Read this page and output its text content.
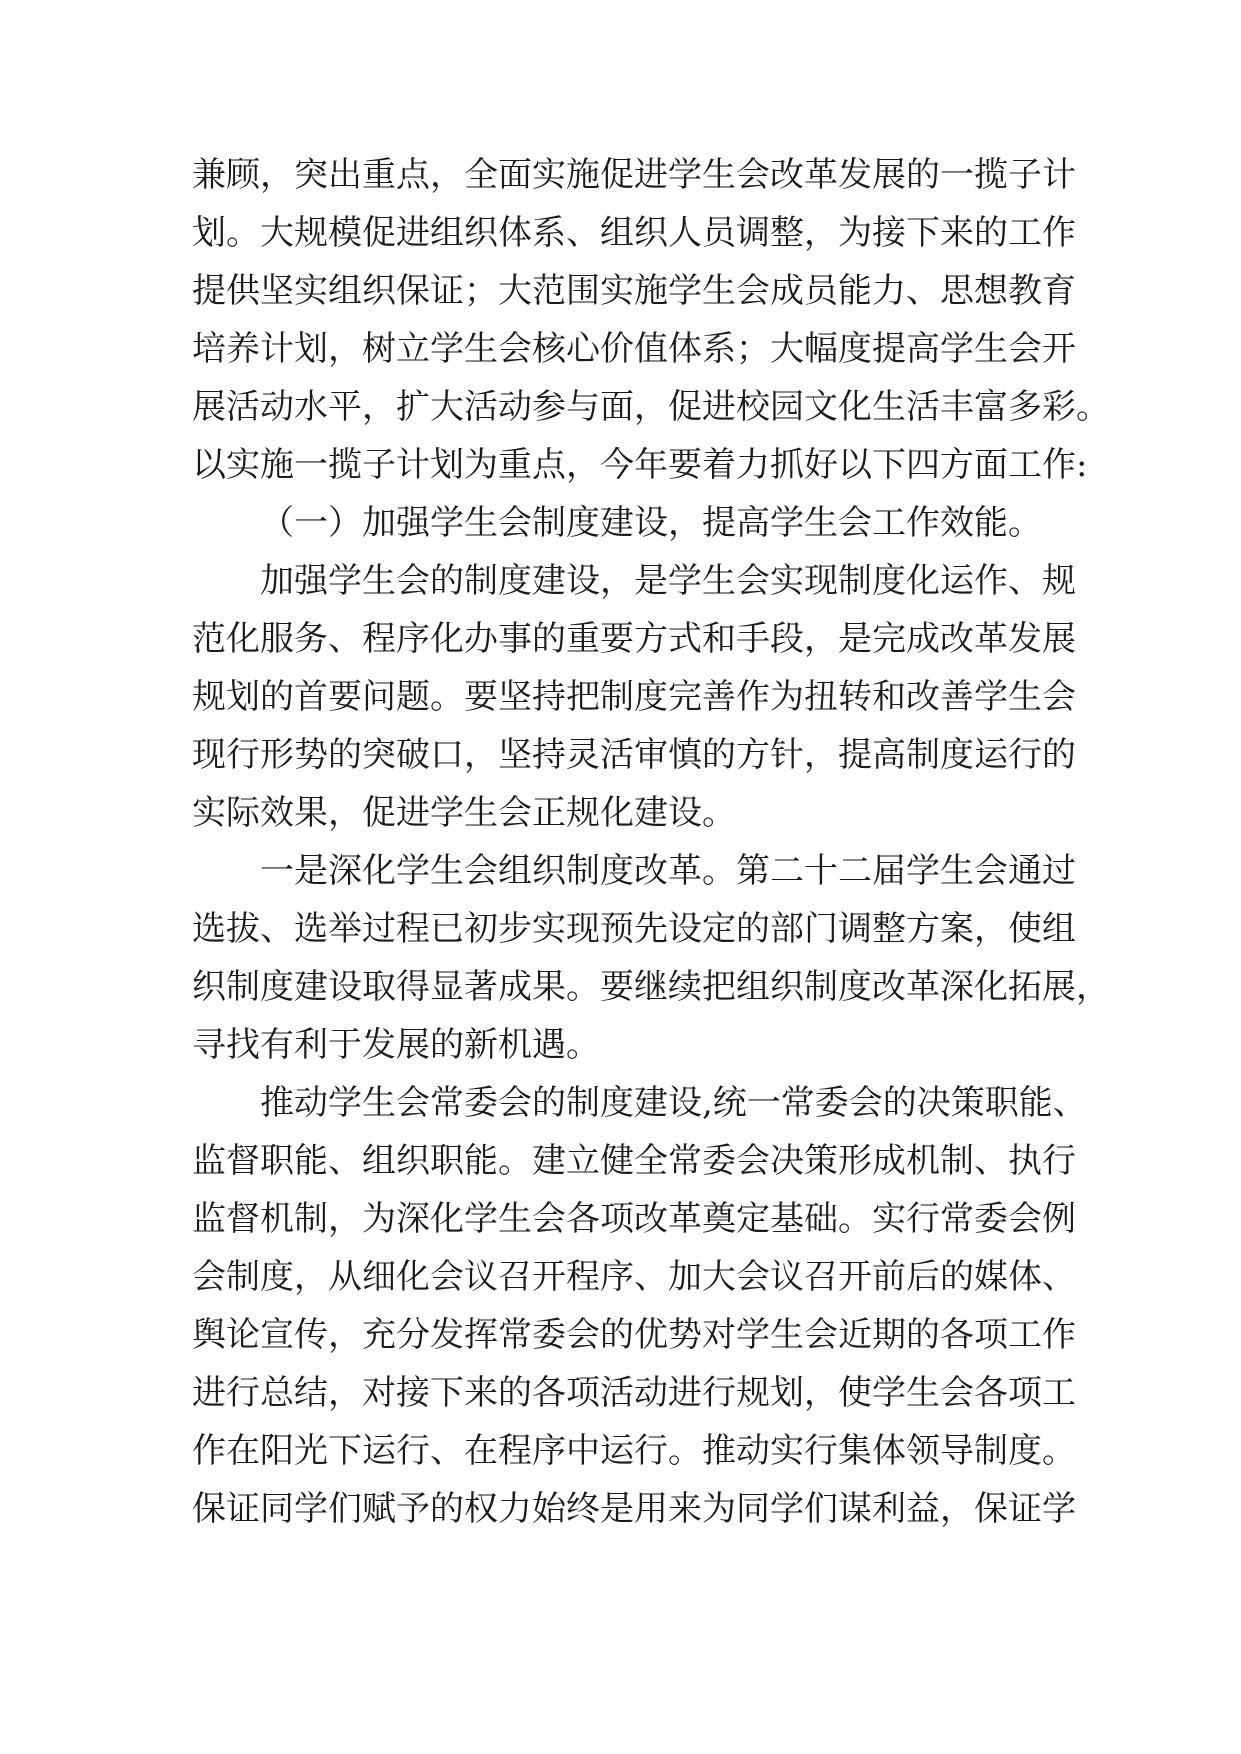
兼顾，突出重点，全面实施促进学生会改革发展的一揽子计
划。大规模促进组织体系、组织人员调整，为接下来的工作
提供坚实组织保证；大范围实施学生会成员能力、思想教育
培养计划，树立学生会核心价值体系；大幅度提高学生会开
展活动水平，扩大活动参与面，促进校园文化生活丰富多彩。
以实施一揽子计划为重点，今年要着力抓好以下四方面工作:
（一）加强学生会制度建设，提高学生会工作效能。
加强学生会的制度建设，是学生会实现制度化运作、规
范化服务、程序化办事的重要方式和手段，是完成改革发展
规划的首要问题。要坚持把制度完善作为扭转和改善学生会
现行形势的突破口，坚持灵活审慎的方针，提高制度运行的
实际效果，促进学生会正规化建设。
一是深化学生会组织制度改革。第二十二届学生会通过
选拔、选举过程已初步实现预先设定的部门调整方案，使组
织制度建设取得显著成果。要继续把组织制度改革深化拓展，
寻找有利于发展的新机遇。
推动学生会常委会的制度建设,统一常委会的决策职能、
监督职能、组织职能。建立健全常委会决策形成机制、执行
监督机制，为深化学生会各项改革奠定基础。实行常委会例
会制度，从细化会议召开程序、加大会议召开前后的媒体、
舆论宣传，充分发挥常委会的优势对学生会近期的各项工作
进行总结，对接下来的各项活动进行规划，使学生会各项工
作在阳光下运行、在程序中运行。推动实行集体领导制度。
保证同学们赋予的权力始终是用来为同学们谋利益，保证学
